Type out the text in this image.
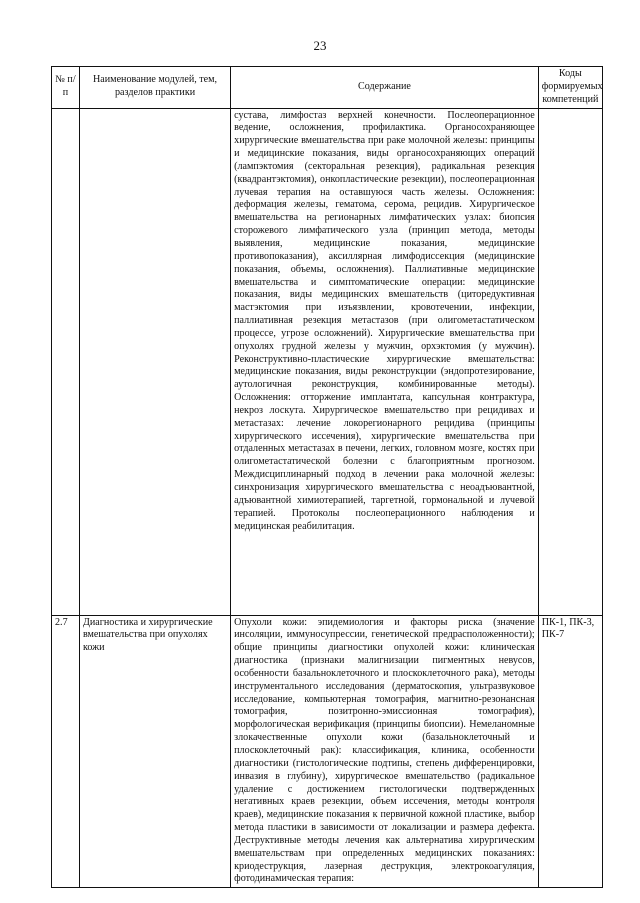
23
№ п/п	Наименование модулей, тем, разделов практики	Содержание	Коды формируемых компетенций
		сустава, лимфостаз верхней конечности. Послеоперационное ведение, осложнения, профилактика. Органосохраняющее хирургические вмешательства при раке молочной железы: принципы и медицинские показания, виды органосохраняющих операций (лампэктомия (секторальная резекция), радикальная резекция (квадрантэктомия), онкопластические резекции), послеоперационная лучевая терапия на оставшуюся часть железы. Осложнения: деформация железы, гематома, серома, рецидив. Хирургическое вмешательства на регионарных лимфатических узлах: биопсия сторожевого лимфатического узла (принцип метода, методы выявления, медицинские показания, медицинские противопоказания), аксиллярная лимфодиссекция (медицинские показания, объемы, осложнения). Паллиативные медицинские вмешательства и симптоматические операции: медицинские показания, виды медицинских вмешательств (циторедуктивная мастэктомия при изъязвлении, кровотечении, инфекции, паллиативная резекция метастазов (при олигометастатическом процессе, угрозе осложнений). Хирургические вмешательства при опухолях грудной железы у мужчин, орхэктомия (у мужчин). Реконструктивно-пластические хирургические вмешательства: медицинские показания, виды реконструкции (эндопротезирование, аутологичная реконструкция, комбинированные методы). Осложнения: отторжение имплантата, капсульная контрактура, некроз лоскута. Хирургическое вмешательство при рецидивах и метастазах: лечение локорегионарного рецидива (принципы хирургического иссечения), хирургические вмешательства при отдаленных метастазах в печени, легких, головном мозге, костях при олигометастатической болезни с благоприятным прогнозом. Междисциплинарный подход в лечении рака молочной железы: синхронизация хирургического вмешательства с неоадъювантной, адъювантной химиотерапией, таргетной, гормональной и лучевой терапией. Протоколы послеоперационного наблюдения и медицинская реабилитация.	
2.7	Диагностика и хирургические вмешательства при опухолях кожи	Опухоли кожи: эпидемиология и факторы риска (значение инсоляции, иммуносупрессии, генетической предрасположенности); общие принципы диагностики опухолей кожи: клиническая диагностика (признаки малигнизации пигментных невусов, особенности базальноклеточного и плоскоклеточного рака), методы инструментального исследования (дерматоскопия, ультразвуковое исследование, компьютерная томография, магнитно-резонансная томография, позитронно-эмиссионная томография), морфологическая верификация (принципы биопсии). Немеланомные злокачественные опухоли кожи (базальноклеточный и плоскоклеточный рак): классификация, клиника, особенности диагностики (гистологические подтипы, степень дифференцировки, инвазия в глубину), хирургическое вмешательство (радикальное удаление с достижением гистологически подтвержденных негативных краев резекции, объем иссечения, методы контроля краев), медицинские показания к первичной кожной пластике, выбор метода пластики в зависимости от локализации и размера дефекта. Деструктивные методы лечения как альтернатива хирургическим вмешательствам при определенных медицинских показаниях: криодеструкция, лазерная деструкция, электрокоагуляция, фотодинамическая терапия:	ПК-1, ПК-3, ПК-7
